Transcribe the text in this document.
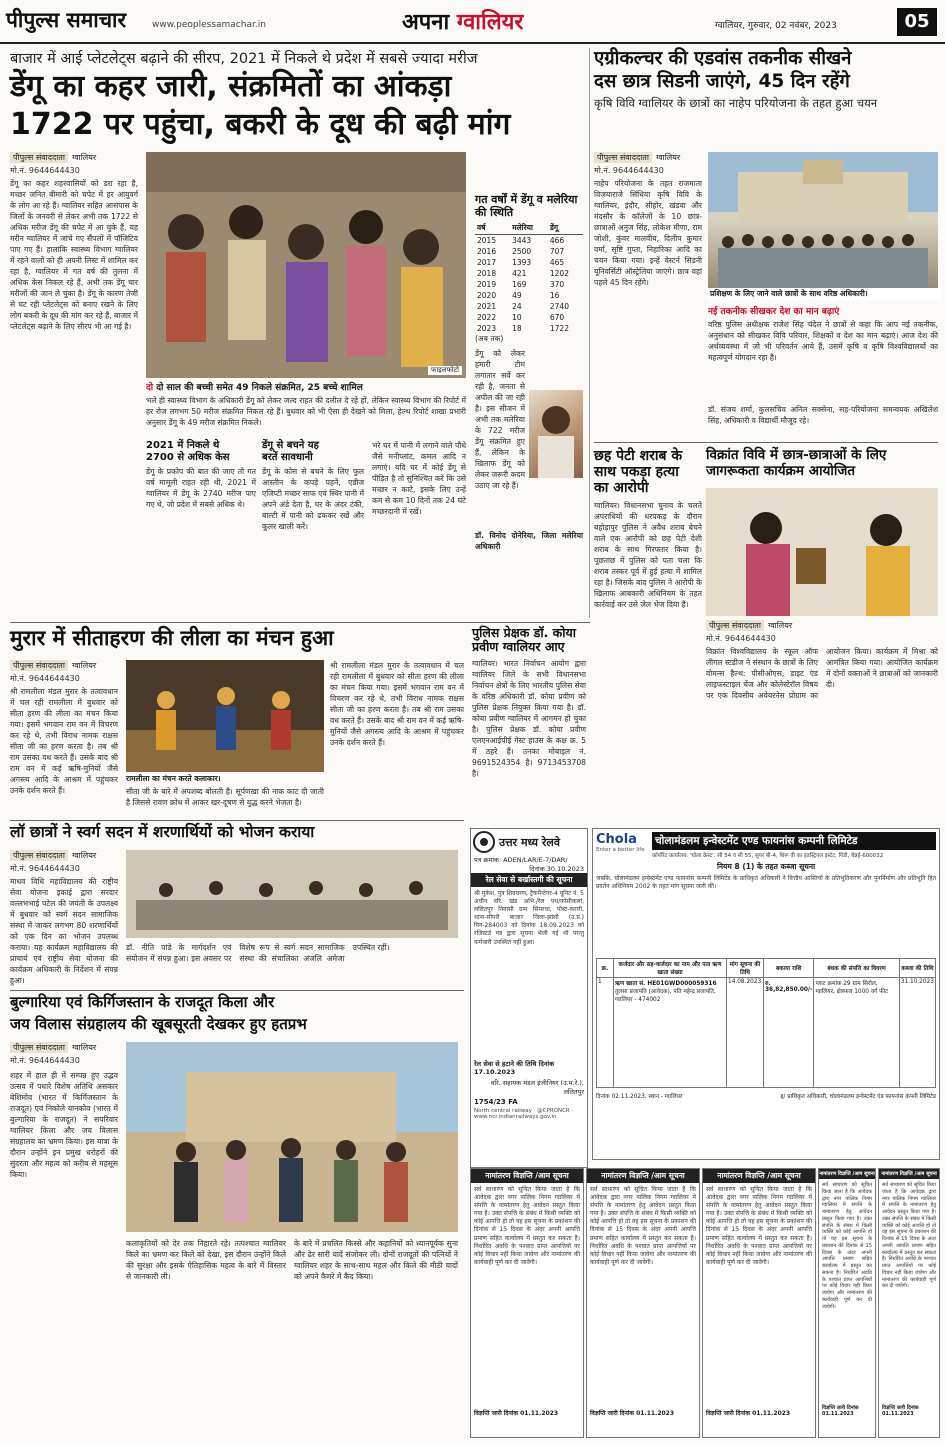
पीपुल्स समाचार	www.peoplessamachar.in	अपना ग्वालियर	ग्वालियर, गुरुवार, 02 नवंबर, 2023	05
बाजार में आई प्लेटलेट्स बढ़ाने की सीरप, 2021 में निकले थे प्रदेश में सबसे ज्यादा मरीज
डेंगू का कहर जारी, संक्रमितों का आंकड़ा
1722 पर पहुंचा, बकरी के दूध की बढ़ी मांग
पीपुल्स संवाददाता ग्वालियर
मो.नं. 9644644430
डेंगू का कहर शहरवासियों को डरा रहा है, मच्छर जनित बीमारी को चपेट में हर आयुवर्ग के लोग आ रहे हैं। ग्वालियर सहित आसपास के जिलों के जनवरी से लेकर अभी तक 1722 से अधिक मरीज डेंगू की चपेट में आ चुके हैं, यह मरीन ग्वालियर में जांचे गए सैंपलों में पॉजिटिव पाए गए हैं। हालांकि स्वास्थ्य विभाग ग्वालियर में रहने वालों को ही अपनी लिस्ट में शामिल कर रहा है, ग्वालियर में गत वर्ष की तुलना में अधिक केस निकल रहे हैं, अभी तक डेंगू चार मरीजों की जान ले चुका है। डेंगू के कारण तेजी से घट रही प्लेटलेट्स को बनाए रखने के लिए लोग बकरी के दूध की मांग कर रहे हैं, बाजार में प्लेटलेट्स बढ़ाने के लिए सीरप भी आ गई है।
फाइलफोटो
दो दो साल की बच्ची समेत 49 निकले संक्रमित, 25 बच्चे शामिल
भले ही स्वास्थ्य विभाग के अधिकारी डेंगू को लेकर जल्द राहत की दलील दे रहे हों, लेकिन स्वास्थ्य विभाग की रिपोर्ट में हर रोज लगभग 50 मरीज संक्रमित निकल रहे हैं। बुधवार को भी ऐसा ही देखने को मिला, हेल्थ रिपोर्ट शाखा प्रभारी अनुसार डेंगू के 49 मरीज संक्रमित निकले।
2021 में निकले थे
2700 से अधिक केस
डेंगू के प्रकोप की बात की जाए तो गत वर्ष मामूली राहत रही थी, 2021 में ग्वालियर में डेंगू के 2740 मरीज पाए गए थे, जो प्रदेश में सबसे अधिक थे।
डेंगू से बचने यह
बरतें सावधानी
डेंगू के कोस से बचने के लिए फुल आस्तीन के कपड़े पहनें, एडीज एजिप्टी मच्छर साफ एवं स्थिर पानी में अपने अंडे देता है, घर के अंदर टंकी, बाल्टी में पानी को ढककर रखें और कूलर खाली करें।
भरे घर में पानी में लगाने वाले पौधे जैसे मनीप्लांट, कमल आदि न लगाएं। यदि घर में कोई डेंगू से पीड़ित है तो सुनिश्चित करें कि उसे मच्छर न काटे, इसके लिए उन्हें कम से कम 10 दिनों तक 24 घंटे मच्छरदानी में रखें।
गत वर्षों में डेंगू व मलेरिया की स्थिति
वर्ष	मलेरिया	डेंगू
2015	3443	466
2016	2500	707
2017	1393	465
2018	421	1202
2019	169	370
2020	49	16
2021	24	2740
2022	10	670
2023	18	1722
(अब तक)
डेंगू को लेकर हमारी टीम लगातार सर्वे कर रही है, जनता से अपील की जा रही है। इस सीजन में अभी तक मलेरिया के 722 मरीज डेंगू संक्रमित हुए हैं, लेकिन के खिलाफ डेंगू को लेकर जरूरी कदम उठाए जा रहे हैं।
डॉ. विनोद दोनेरिया, जिला मलेरिया अधिकारी
एग्रीकल्चर की एडवांस तकनीक सीखने
दस छात्र सिडनी जाएंगे, 45 दिन रहेंगे
कृषि विवि ग्वालियर के छात्रों का नाहेप परियोजना के तहत हुआ चयन
पीपुल्स संवाददाता ग्वालियर
मो.नं. 9644644430
प्रशिक्षण के लिए जाने वाले छात्रों के साथ वरिष्ठ अधिकारी।
नाहेप परियोजना के तहत राजमाता विजयाराजे सिंधिया कृषि विवि के ग्वालियर, इंदौर, सीहोर, खंडवा और मंदसौर के कॉलेजों के 10 छात्र-छात्राओं अनुज सिंह, लोकेश मीणा, राम जोशी, कुंवर मालवीय, दिलीप कुमार वर्मा, सृष्टि गुप्ता, निहारिका आदि का चयन किया गया। इन्हें वेस्टर्न सिडनी यूनिवर्सिटी ऑस्ट्रेलिया जाएंगे। छात्र वहां पहले 45 दिन रहेंगे।
नई तकनीक सीखकर देश का मान बढ़ाएं
वरिष्ठ पुलिस अधीक्षक राजेश सिंह चंदेल ने छात्रों से कहा कि आप नई तकनीक, अनुसंधान को सीखकर विवि परिवार, शिक्षकों व देश का मान बढ़ाएं। आज देश की अर्थव्यवस्था में जो भी परिवर्तन आये हैं, उसमें कृषि व कृषि विश्वविद्यालयों का महत्वपूर्ण योगदान रहा है।
डॉ. संजय शर्मा, कुलसचिव अनिल सक्सेना, सह-परियोजना समन्वयक अखिलेश सिंह, अधिकारी व विद्यार्थी मौजूद रहे।
छह पेटी शराब के
साथ पकड़ा हत्या
का आरोपी
ग्वालियर। विधानसभा चुनाव के चलते अपराधियों की धरपकड़ के दौरान बहोड़ापुर पुलिस ने अवैध शराब बेचने वाले एक आरोपी को छह पेटी देशी शराब के साथ गिरफ्तार किया है। पूछताछ में पुलिस को पता चला कि शराब तस्कर पूर्व में हुई हत्या में शामिल रहा है। जिसके बाद पुलिस ने आरोपी के खिलाफ आबकारी अधिनियम के तहत कार्रवाई कर उसे जेल भेज दिया है।
विक्रांत विवि में छात्र-छात्राओं के लिए
जागरूकता कार्यक्रम आयोजित
पीपुल्स संवाददाता ग्वालियर
मो.नं. 9644644430
विक्रांत विश्वविद्यालय के स्कूल ऑफ लीगल स्टडीज ने संस्थान के छात्रों के लिए वोमन्स हैल्थ: पीसीओएस, डाइट एंड लाइफस्टाइल चेंज और कोलेस्टेरॉल विषय पर एक दिवसीय अवेयरनेस प्रोग्राम का आयोजन किया। कार्यक्रम में मिश्रा को आमंत्रित किया गया। आयोजित कार्यक्रम में दोनों वक्ताओं ने छात्राओं को जानकारी दी।
मुरार में सीताहरण की लीला का मंचन हुआ
पीपुल्स संवाददाता ग्वालियर
मो.नं. 9644644430
श्री रामलीला मंडल मुरार के तत्वावधान में चल रही रामलीला में बुधवार को सीता हरण की लीला का मंचन किया गया। इसमें भगवान राम वन में विचरण कर रहे थे, तभी विराध नामक राक्षस सीता जी का हरण करता है। तब श्री राम उसका वध करते हैं। उसके बाद श्री राम वन में कई ऋषि-मुनियों जैसे अगस्त्य आदि के आश्रम में पहुंचकर उनके दर्शन करते हैं।
रामलीला का मंचन करते कलाकार।
सीता जी के बारे में अपशब्द बोलती है। सूर्पणखा की नाक काट दी जाती है जिससे रावण क्रोध में आकर खर-दूषण से युद्ध करने भेजता है।
श्री रामलीला मंडल मुरार के तत्वावधान में चल रही रामलीला में बुधवार को सीता हरण की लीला का मंचन किया गया। इसमें भगवान राम वन में विचरण कर रहे थे, तभी विराध नामक राक्षस सीता जी का हरण करता है। तब श्री राम उसका वध करते हैं। उसके बाद श्री राम वन में कई ऋषि-मुनियों जैसे अगस्त्य आदि के आश्रम में पहुंचकर उनके दर्शन करते हैं।
पुलिस प्रेक्षक डॉ. कोया
प्रवीण ग्वालियर आए
ग्वालियर। भारत निर्वाचन आयोग द्वारा ग्वालियर जिले के सभी विधानसभा निर्वाचन क्षेत्रों के लिए भारतीय पुलिस सेवा के वरिष्ठ अधिकारी डॉ. कोया प्रवीण को पुलिस प्रेक्षक नियुक्त किया गया है। डॉ. कोया प्रवीण ग्वालियर में आगमन हो चुका है। पुलिस प्रेक्षक डॉ. कोया प्रवीण एलएनआईपीई गेस्ट हाउस के कक्ष क्र. 5 में ठहरे हैं। उनका मोबाइल नं. 9691524354 है। 9713453708 है।
लॉ छात्रों ने स्वर्ग सदन में शरणार्थियों को भोजन कराया
पीपुल्स संवाददाता ग्वालियर
मो.नं. 9644644430
माधव विधि महाविद्यालय की राष्ट्रीय सेवा योजना इकाई द्वारा सरदार वल्लभभाई पटेल की जयंती के उपलक्ष्य में बुधवार को स्वर्ग सदन सामाजिक संस्था में जाकर लगभग 80 शरणार्थियों को एक दिन का भोजन उपलब्ध कराया। यह कार्यक्रम महाविद्यालय की प्राचार्य एवं राष्ट्रीय सेवा योजना की कार्यक्रम अधिकारी के निर्देशन में संपन्न हुआ।
डॉ. नीति पांडे के मार्गदर्शन एवं संयोजन में संपन्न हुआ। इस अवसर पर विशेष रूप से स्वर्ग सदन सामाजिक संस्था की संचालिका अंजलि अमेजा उपस्थित रहीं।
बुल्गारिया एवं किर्गिजस्तान के राजदूत किला और
जय विलास संग्रहालय की खूबसूरती देखकर हुए हतप्रभ
पीपुल्स संवाददाता ग्वालियर
मो.नं. 9644644430
शहर में हाल ही में सम्पन्न हुए उद्भव उत्सव में पधारे विशेष अतिथि असकार बेशिमोव (भारत में किर्गिजस्तान के राजदूत) एवं निकोले यानकोव (भारत में बुल्गारिया के राजदूत) ने सपरिवार ग्वालियर किला और जय विलास संग्रहालय का भ्रमण किया। इस यात्रा के दौरान उन्होंने इन प्रमुख धरोहरों की सुंदरता और महत्व को करीब से महसूस किया।
कलाकृतियों को देर तक निहारते रहे। तत्पश्चात ग्वालियर किले का भ्रमण कर किले को देखा, इस दौरान उन्होंने किले की सुरक्षा और इसके ऐतिहासिक महत्व के बारे में विस्तार से जानकारी ली।
के बारे में प्रचलित किस्से और कहानियों को ध्यानपूर्वक सुना और ढेर सारी यादें संजोकर ली। दोनों राजदूतों की पत्नियों ने ग्वालियर शहर के साथ-साथ महल और किले की मीठी यादों को अपने कैमरे में कैद किया।
उत्तर मध्य रेलवे
पत्र क्रमांक: ADEN/LAR/E-7/DAR/
दिनांक 30.10.2023
रेल सेवा से बर्खास्तगी की सूचना
श्री मुकेश, पुत्र शिवचरण, ट्रैकमैन्टेनर-4 यूनिट नं. 5 अधीन वरि. खंड अभि./रेल पथ/कोसीकलां, ललितपुर निवासी ग्राम सिमरधा, पोस्ट-करारी, थाना-सीपरी बाजार जिला-झांसी (उ.प्र.) पिन-284003 को दिनांक 18.09.2023 को रजिस्टर्ड पत्र द्वारा सूचना भेजी गई थी परन्तु कर्मचारी उपस्थित नहीं हुआ।
रेल सेवा से हटाने की तिथि दिनांक 17.10.2023
वरि. सहायक मंडल इंजीनियर (उ.म.रे.), ललितपुर
1754/23 FA
North central railway · @CPRONCR · www.ncr.indianrailways.gov.in
Chola
Enter a better life
चोलामंडलम इन्वेस्टमेंट एण्ड फायनांस कम्पनी लिमिटेड
कॉर्पोरेट कार्यालय: 'चोला क्रेस्ट', सी 54 व सी 55, सुपर बी-4, थिरू वी का इंडस्ट्रियल इस्टेट, गिंडी, चेन्नई-600032
नियम 8 (1) के तहत कब्जा सूचना
जबकि, चोलामंडलम इन्वेस्टमेंट एण्ड फायनांस कम्पनी लिमिटेड के प्राधिकृत अधिकारी ने वित्तीय आस्तियों के प्रतिभूतिकरण और पुनर्निर्माण और प्रतिभूति हित प्रवर्तन अधिनियम 2002 के तहत मांग सूचना जारी की।
क्र.	कर्जदार और सह-कर्जदार का नाम और पता ऋण खाता संख्या	मांग सूचना की तिथि	बकाया राशि	बंधक की संपत्ति का विवरण	कब्जा की तिथि
1	ऋण खाता सं. HE01GWD000059316
तुलसा प्रजापति (आवेदक), पति महेन्द्र प्रजापति, ग्वालियर - 474002	14.08.2023	रु. 36,82,850.00/-	प्लाट क्रमांक 29 ग्राम सिरोल, ग्वालियर, क्षेत्रफल 1000 वर्ग फीट	31.10.2023
दिनांक 02.11.2023, स्थान - ग्वालियर	ह/ प्राधिकृत अधिकारी, चोलामंडलम इन्वेस्टमेंट एंड फायनांस कंपनी लिमिटेड
नामांतरण विज्ञप्ति /आम सूचना
सर्व साधारण को सूचित किया जाता है कि आवेदक द्वारा नगर पालिक निगम ग्वालियर में संपत्ति के नामांतरण हेतु आवेदन प्रस्तुत किया गया है। उक्त संपत्ति के संबंध में किसी व्यक्ति को कोई आपत्ति हो तो वह इस सूचना के प्रकाशन की दिनांक से 15 दिवस के अंदर अपनी आपत्ति प्रमाण सहित कार्यालय में प्रस्तुत कर सकता है। निर्धारित अवधि के पश्चात प्राप्त आपत्तियों पर कोई विचार नहीं किया जावेगा और नामांतरण की कार्यवाही पूर्ण कर दी जावेगी।
विज्ञप्ति जारी दिनांक 01.11.2023
नामांतरण विज्ञप्ति /आम सूचना
सर्व साधारण को सूचित किया जाता है कि आवेदक द्वारा नगर पालिक निगम ग्वालियर में संपत्ति के नामांतरण हेतु आवेदन प्रस्तुत किया गया है। उक्त संपत्ति के संबंध में किसी व्यक्ति को कोई आपत्ति हो तो वह इस सूचना के प्रकाशन की दिनांक से 15 दिवस के अंदर अपनी आपत्ति प्रमाण सहित कार्यालय में प्रस्तुत कर सकता है। निर्धारित अवधि के पश्चात प्राप्त आपत्तियों पर कोई विचार नहीं किया जावेगा और नामांतरण की कार्यवाही पूर्ण कर दी जावेगी।
विज्ञप्ति जारी दिनांक 01.11.2023
नामांतरण विज्ञप्ति /आम सूचना
सर्व साधारण को सूचित किया जाता है कि आवेदक द्वारा नगर पालिक निगम ग्वालियर में संपत्ति के नामांतरण हेतु आवेदन प्रस्तुत किया गया है। उक्त संपत्ति के संबंध में किसी व्यक्ति को कोई आपत्ति हो तो वह इस सूचना के प्रकाशन की दिनांक से 15 दिवस के अंदर अपनी आपत्ति प्रमाण सहित कार्यालय में प्रस्तुत कर सकता है। निर्धारित अवधि के पश्चात प्राप्त आपत्तियों पर कोई विचार नहीं किया जावेगा और नामांतरण की कार्यवाही पूर्ण कर दी जावेगी।
विज्ञप्ति जारी दिनांक 01.11.2023
नामांतरण विज्ञप्ति /आम सूचना
सर्व साधारण को सूचित किया जाता है कि आवेदक द्वारा नगर पालिक निगम ग्वालियर में संपत्ति के नामांतरण हेतु आवेदन प्रस्तुत किया गया है। उक्त संपत्ति के संबंध में किसी व्यक्ति को कोई आपत्ति हो तो वह इस सूचना के प्रकाशन की दिनांक से 15 दिवस के अंदर अपनी आपत्ति प्रमाण सहित कार्यालय में प्रस्तुत कर सकता है। निर्धारित अवधि के पश्चात प्राप्त आपत्तियों पर कोई विचार नहीं किया जावेगा और नामांतरण की कार्यवाही पूर्ण कर दी जावेगी।
विज्ञप्ति जारी दिनांक 01.11.2023
नामांतरण विज्ञप्ति /आम सूचना
सर्व साधारण को सूचित किया जाता है कि आवेदक द्वारा नगर पालिक निगम ग्वालियर में संपत्ति के नामांतरण हेतु आवेदन प्रस्तुत किया गया है। उक्त संपत्ति के संबंध में किसी व्यक्ति को कोई आपत्ति हो तो वह इस सूचना के प्रकाशन की दिनांक से 15 दिवस के अंदर अपनी आपत्ति प्रमाण सहित कार्यालय में प्रस्तुत कर सकता है। निर्धारित अवधि के पश्चात प्राप्त आपत्तियों पर कोई विचार नहीं किया जावेगा और नामांतरण की कार्यवाही पूर्ण कर दी जावेगी।
विज्ञप्ति जारी दिनांक 01.11.2023
